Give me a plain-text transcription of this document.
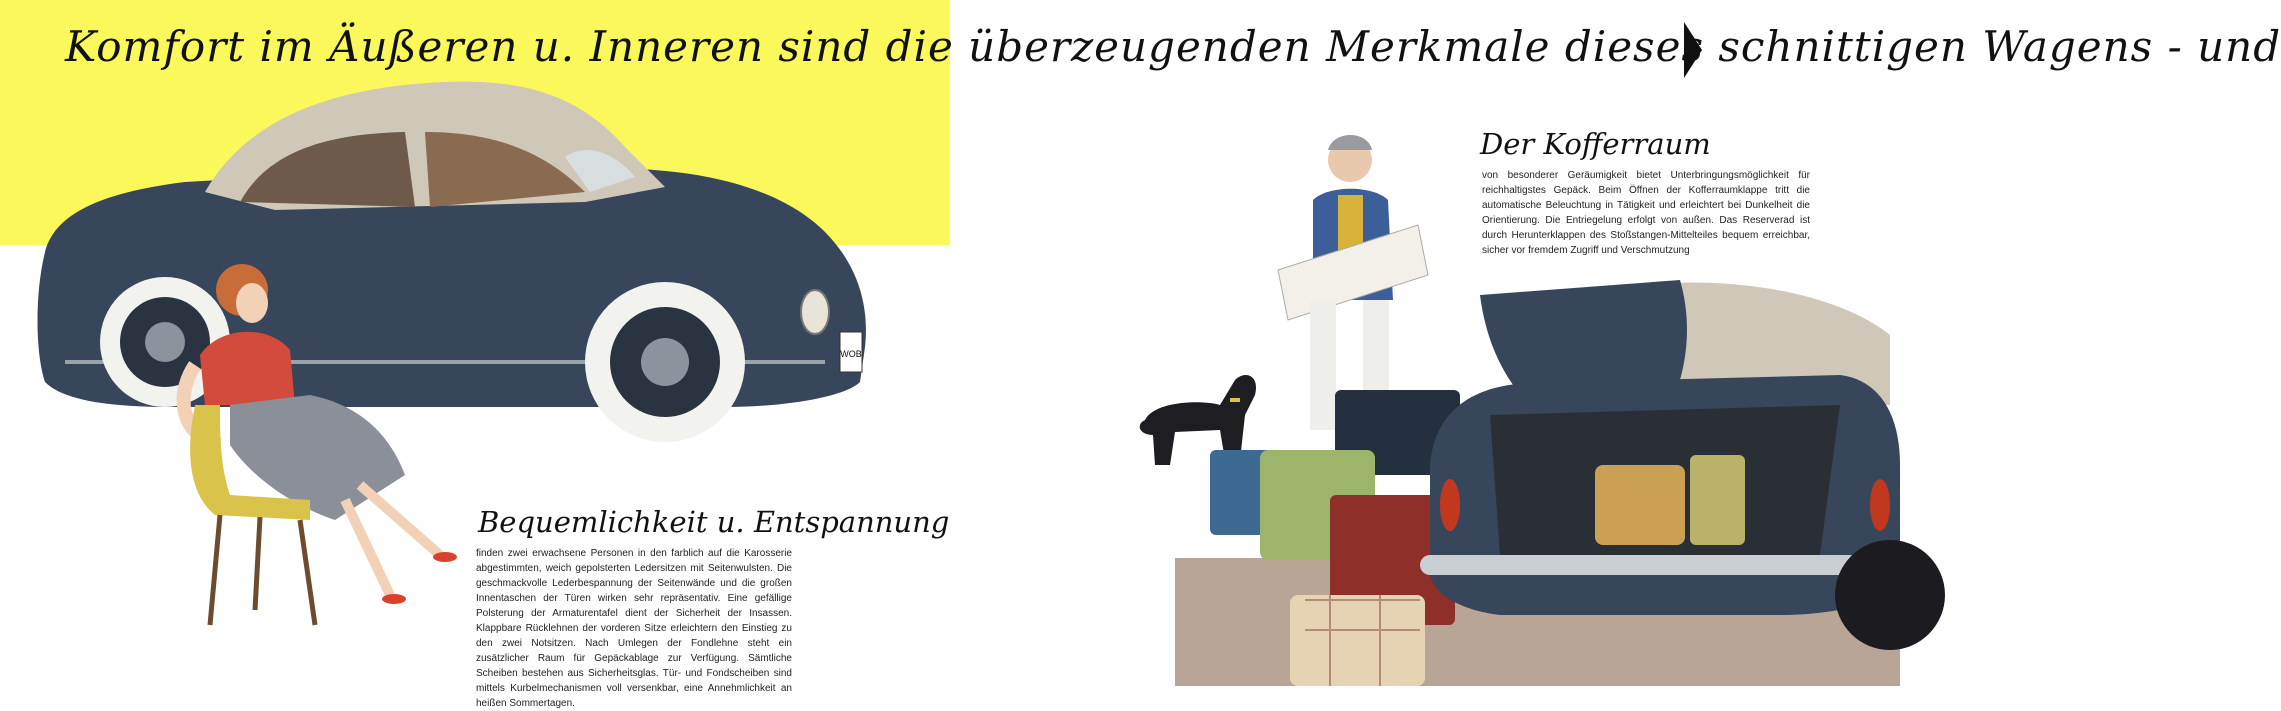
Komfort im Äußeren u. Inneren sind die überzeugenden Merkmale dieses schnittigen Wagens - und
WOB
Bequemlichkeit u. Entspannung
finden zwei erwachsene Personen in den farblich auf die Karosserie abgestimmten, weich gepolsterten Ledersitzen mit Seitenwulsten. Die geschmackvolle Lederbespannung der Seitenwände und die großen Innentaschen der Türen wirken sehr repräsentativ. Eine gefällige Polsterung der Armaturentafel dient der Sicherheit der Insassen. Klappbare Rücklehnen der vorderen Sitze erleichtern den Einstieg zu den zwei Notsitzen. Nach Umlegen der Fondlehne steht ein zusätzlicher Raum für Gepäckablage zur Verfügung. Sämtliche Scheiben bestehen aus Sicherheitsglas. Tür- und Fondscheiben sind mittels Kurbelmechanismen voll versenkbar, eine Annehmlichkeit an heißen Sommertagen.
Der Kofferraum
von besonderer Geräumigkeit bietet Unterbringungsmöglichkeit für reichhaltigstes Gepäck. Beim Öffnen der Kofferraumklappe tritt die automatische Beleuchtung in Tätigkeit und erleichtert bei Dunkelheit die Orientierung. Die Entriegelung erfolgt von außen. Das Reserverad ist durch Herunterklappen des Stoßstangen-Mittelteiles bequem erreichbar, sicher vor fremdem Zugriff und Verschmutzung
